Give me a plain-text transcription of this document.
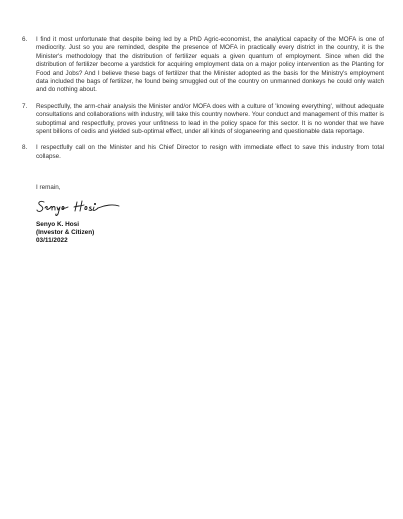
6. I find it most unfortunate that despite being led by a PhD Agric-economist, the analytical capacity of the MOFA is one of mediocrity. Just so you are reminded, despite the presence of MOFA in practically every district in the country, it is the Minister's methodology that the distribution of fertilizer equals a given quantum of employment. Since when did the distribution of fertilizer become a yardstick for acquiring employment data on a major policy intervention as the Planting for Food and Jobs? And I believe these bags of fertilizer that the Minister adopted as the basis for the Ministry's employment data included the bags of fertilizer, he found being smuggled out of the country on unmanned donkeys he could only watch and do nothing about.
7. Respectfully, the arm-chair analysis the Minister and/or MOFA does with a culture of 'knowing everything', without adequate consultations and collaborations with industry, will take this country nowhere. Your conduct and management of this matter is suboptimal and respectfully, proves your unfitness to lead in the policy space for this sector. It is no wonder that we have spent billions of cedis and yielded sub-optimal effect, under all kinds of sloganeering and questionable data reportage.
8. I respectfully call on the Minister and his Chief Director to resign with immediate effect to save this industry from total collapse.

I remain,

Senyo K. Hosi
(Investor & Citizen)
03/11/2022
